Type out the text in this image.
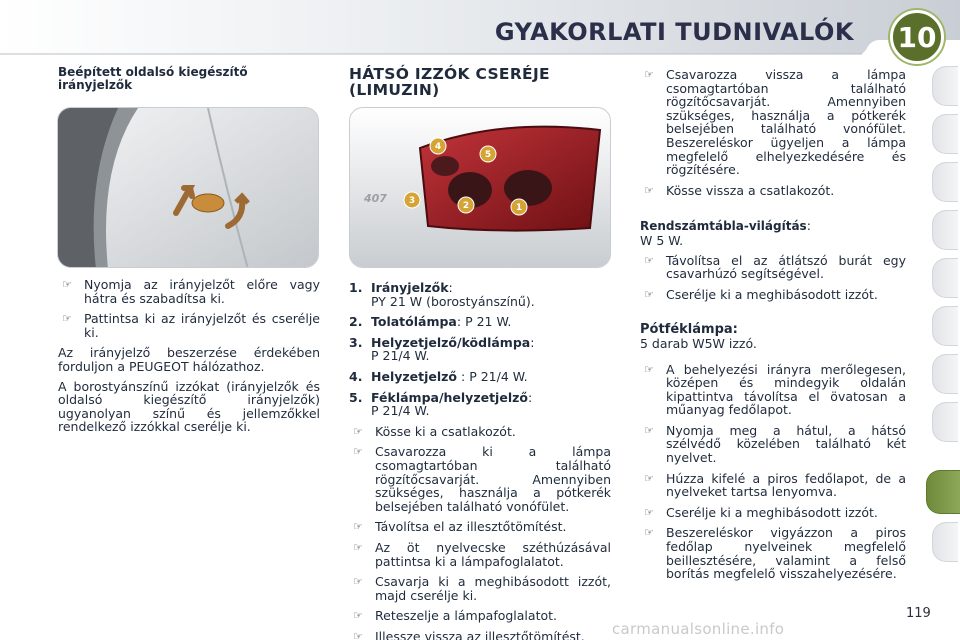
GYAKORLATI TUDNIVALÓK 10
Beépített oldalsó kiegészítő irányjelzők
☞ Nyomja az irányjelzőt előre vagy hátra és szabadítsa ki.
☞ Pattintsa ki az irányjelzőt és cserélje ki.

Az irányjelző beszerzése érdekében forduljon a PEUGEOT hálózathoz.

A borostyánszínű izzókat (irányjelzők és oldalsó kiegészítő irányjelzők) ugyanolyan színű és jellemzőkkel rendelkező izzókkal cserélje ki.

HÁTSÓ IZZÓK CSERÉJE (LIMUZIN)
1
2
3
4
5
407
1. Irányjelzők:
PY 21 W (borostyánszínű).
2. Tolatólámpa: P 21 W.
3. Helyzetjelző/ködlámpa:
P 21/4 W.
4. Helyzetjelző : P 21/4 W.
5. Féklámpa/helyzetjelző:
P 21/4 W.
☞ Kösse ki a csatlakozót.
☞ Csavarozza ki a lámpa csomagtartóban található rögzítőcsavarját. Amennyiben szükséges, használja a pótkerék belsejében található vonófület.
☞ Távolítsa el az illesztőtömítést.
☞ Az öt nyelvecske széthúzásával pattintsa ki a lámpafoglalatot.
☞ Csavarja ki a meghibásodott izzót, majd cserélje ki.
☞ Reteszelje a lámpafoglalatot.
☞ Illessze vissza az illesztőtömítést.
☞ Csavarozza vissza a lámpa csomagtartóban található rögzítőcsavarját. Amennyiben szükséges, használja a pótkerék belsejében található vonófület. Beszereléskor ügyeljen a lámpa megfelelő elhelyezkedésére és rögzítésére.
☞ Kösse vissza a csatlakozót.
Rendszámtábla-világítás:
W 5 W.
☞ Távolítsa el az átlátszó burát egy csavarhúzó segítségével.
☞ Cserélje ki a meghibásodott izzót.
Pótféklámpa:
5 darab W5W izzó.
☞ A behelyezési irányra merőlegesen, középen és mindegyik oldalán kipattintva távolítsa el övatosan a műanyag fedőlapot.
☞ Nyomja meg a hátul, a hátsó szélvédő közelében található két nyelvet.
☞ Húzza kifelé a piros fedőlapot, de a nyelveket tartsa lenyomva.
☞ Cserélje ki a meghibásodott izzót.
☞ Beszereléskor vigyázzon a piros fedőlap nyelveinek megfelelő beillesztésére, valamint a felső borítás megfelelő visszahelyezésére.
119
carmanualsonline.info
